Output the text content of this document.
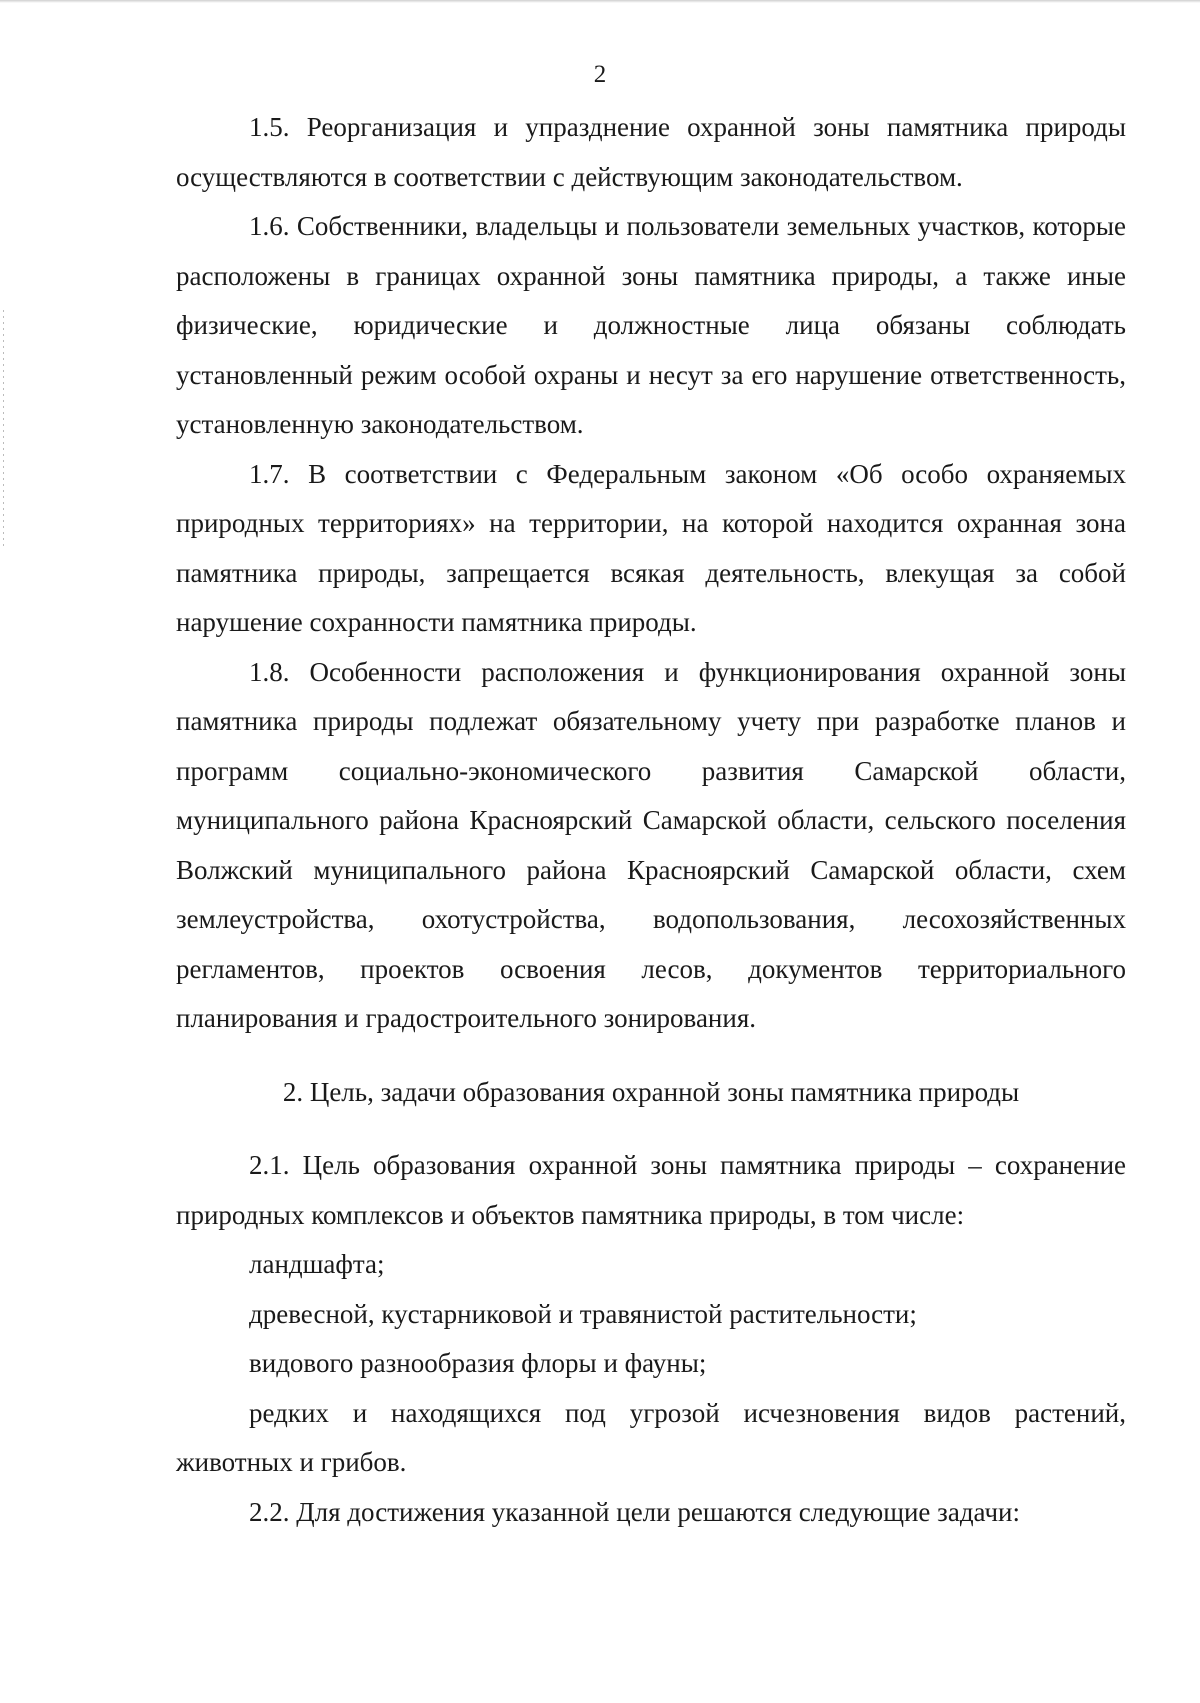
2

1.5. Реорганизация и упразднение охранной зоны памятника природы осуществляются в соответствии с действующим законодательством.

1.6. Собственники, владельцы и пользователи земельных участков, которые расположены в границах охранной зоны памятника природы, а также иные физические, юридические и должностные лица обязаны соблюдать установленный режим особой охраны и несут за его нарушение ответственность, установленную законодательством.

1.7. В соответствии с Федеральным законом «Об особо охраняемых природных территориях» на территории, на которой находится охранная зона памятника природы, запрещается всякая деятельность, влекущая за собой нарушение сохранности памятника природы.

1.8. Особенности расположения и функционирования охранной зоны памятника природы подлежат обязательному учету при разработке планов и программ социально-экономического развития Самарской области, муниципального района Красноярский Самарской области, сельского поселения Волжский муниципального района Красноярский Самарской области, схем землеустройства, охотустройства, водопользования, лесохозяйственных регламентов, проектов освоения лесов, документов территориального планирования и градостроительного зонирования.

2. Цель, задачи образования охранной зоны памятника природы

2.1. Цель образования охранной зоны памятника природы – сохранение природных комплексов и объектов памятника природы, в том числе:

ландшафта;

древесной, кустарниковой и травянистой растительности;

видового разнообразия флоры и фауны;

редких и находящихся под угрозой исчезновения видов растений, животных и грибов.

2.2. Для достижения указанной цели решаются следующие задачи:
